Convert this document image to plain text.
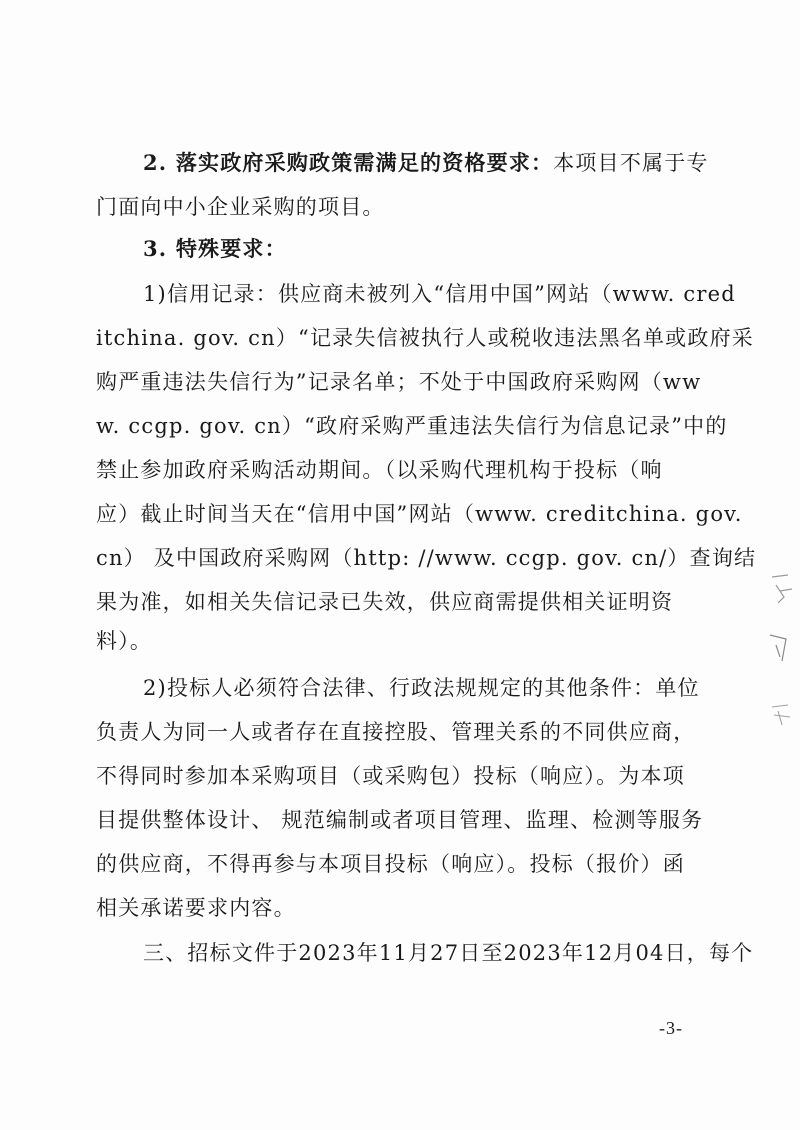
2. 落实政府采购政策需满足的资格要求：本项目不属于专
门面向中小企业采购的项目。
3. 特殊要求：
1)信用记录：供应商未被列入“信用中国”网站（www. cred
itchina. gov. cn）“记录失信被执行人或税收违法黑名单或政府采
购严重违法失信行为”记录名单；不处于中国政府采购网（ww
w. ccgp. gov. cn）“政府采购严重违法失信行为信息记录”中的
禁止参加政府采购活动期间。（以采购代理机构于投标（响
应）截止时间当天在“信用中国”网站（www. creditchina. gov.
cn） 及中国政府采购网（http: //www. ccgp. gov. cn/）查询结
果为准，如相关失信记录已失效，供应商需提供相关证明资
料）。
2)投标人必须符合法律、行政法规规定的其他条件：单位
负责人为同一人或者存在直接控股、管理关系的不同供应商，
不得同时参加本采购项目（或采购包）投标（响应）。为本项
目提供整体设计、 规范编制或者项目管理、监理、检测等服务
的供应商，不得再参与本项目投标（响应）。投标（报价）函
相关承诺要求内容。
三、招标文件于2023年11月27日至2023年12月04日，每个
-3-
